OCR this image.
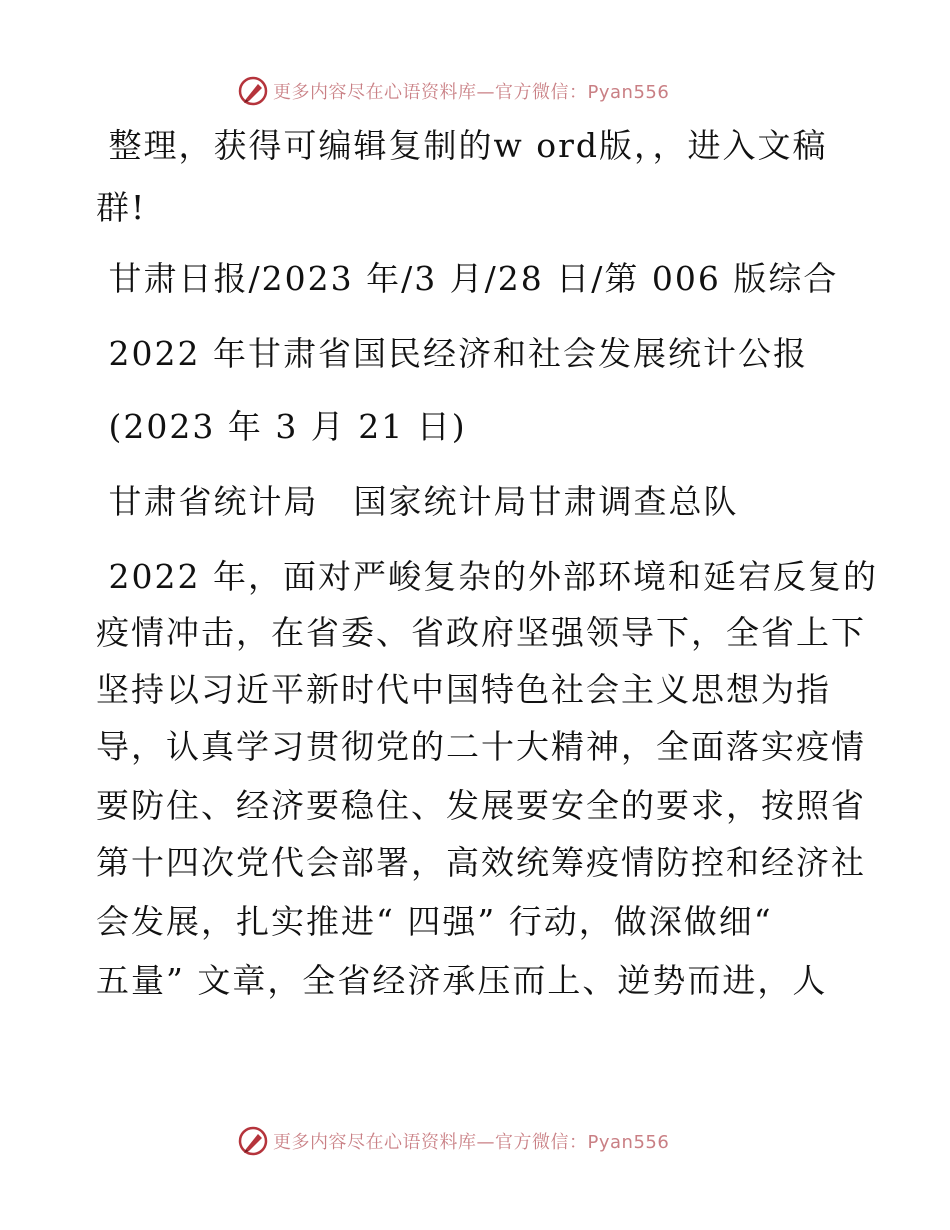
更多内容尽在心语资料库—官方微信：Pyan556
整理，获得可编辑复制的w ord版，，进入文稿
群!
甘肃日报/2023 年/3 月/28 日/第 006 版综合
2022 年甘肃省国民经济和社会发展统计公报
(2023 年 3 月 21 日)
甘肃省统计局　国家统计局甘肃调查总队
2022 年，面对严峻复杂的外部环境和延宕反复的
疫情冲击，在省委、省政府坚强领导下，全省上下
坚持以习近平新时代中国特色社会主义思想为指
导，认真学习贯彻党的二十大精神，全面落实疫情
要防住、经济要稳住、发展要安全的要求，按照省
第十四次党代会部署，高效统筹疫情防控和经济社
会发展，扎实推进“ 四强” 行动，做深做细“
五量” 文章，全省经济承压而上、逆势而进，人
更多内容尽在心语资料库—官方微信：Pyan556
